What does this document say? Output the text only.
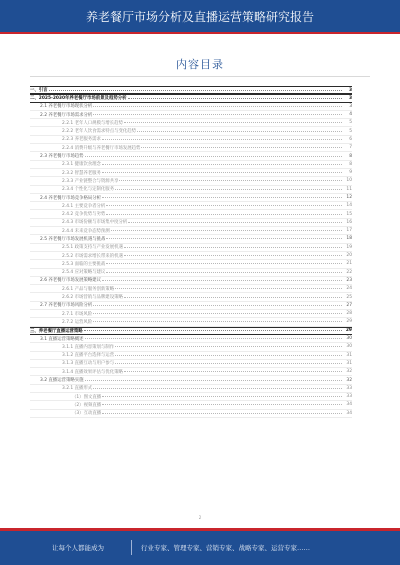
养老餐厅市场分析及直播运营策略研究报告
内容目录
一、引言	3
二、2025-2030年养老餐厅市场前景及趋势分析	3
2.1 养老餐厅市场现状分析	3
2.2 养老餐厅市场需求分析	4
2.2.1 老年人口规模与增长趋势	5
2.2.2 老年人饮食需求特点与变化趋势	5
2.2.3 养老服务需求	6
2.2.4 消费升级与养老餐厅市场发展趋势	7
2.3 养老餐厅市场趋势	8
2.3.1 健康饮食理念	8
2.3.2 智慧养老服务	9
2.3.3 产业链整合与资源共享	10
2.3.4 个性化与定制化服务	11
2.4 养老餐厅市场竞争格局分析	12
2.4.1 主要竞争者分析	14
2.4.2 竞争优势与劣势	15
2.4.3 市场份额与市场集中度分析	16
2.4.4 未来竞争态势预测	17
2.5 养老餐厅市场发展机遇与挑战	18
2.5.1 政策支持与产业发展机遇	19
2.5.2 市场需求增长带来的机遇	20
2.5.3 面临的主要挑战	21
2.5.4 应对策略与建议	22
2.6 养老餐厅市场发展策略建议	23
2.6.1 产品与服务创新策略	24
2.6.2 市场营销与品牌建设策略	25
2.7 养老餐厅市场风险分析	27
2.7.1 市场风险	28
2.7.2 运营风险	29
三、养老餐厅直播运营策略	29
3.1 直播运营策略概述	30
3.1.1 直播内容策划与制作	30
3.1.2 直播平台选择与运营	31
3.1.3 直播互动与用户参与	31
3.1.4 直播效果评估与优化策略	32
3.2 直播运营策略实施	32
3.2.1 直播形式	33
（1）图文直播	33
（2）视频直播	34
（3）互动直播	34
2
让每个人都能成为	行业专家、管理专家、营销专家、战略专家、运营专家……
